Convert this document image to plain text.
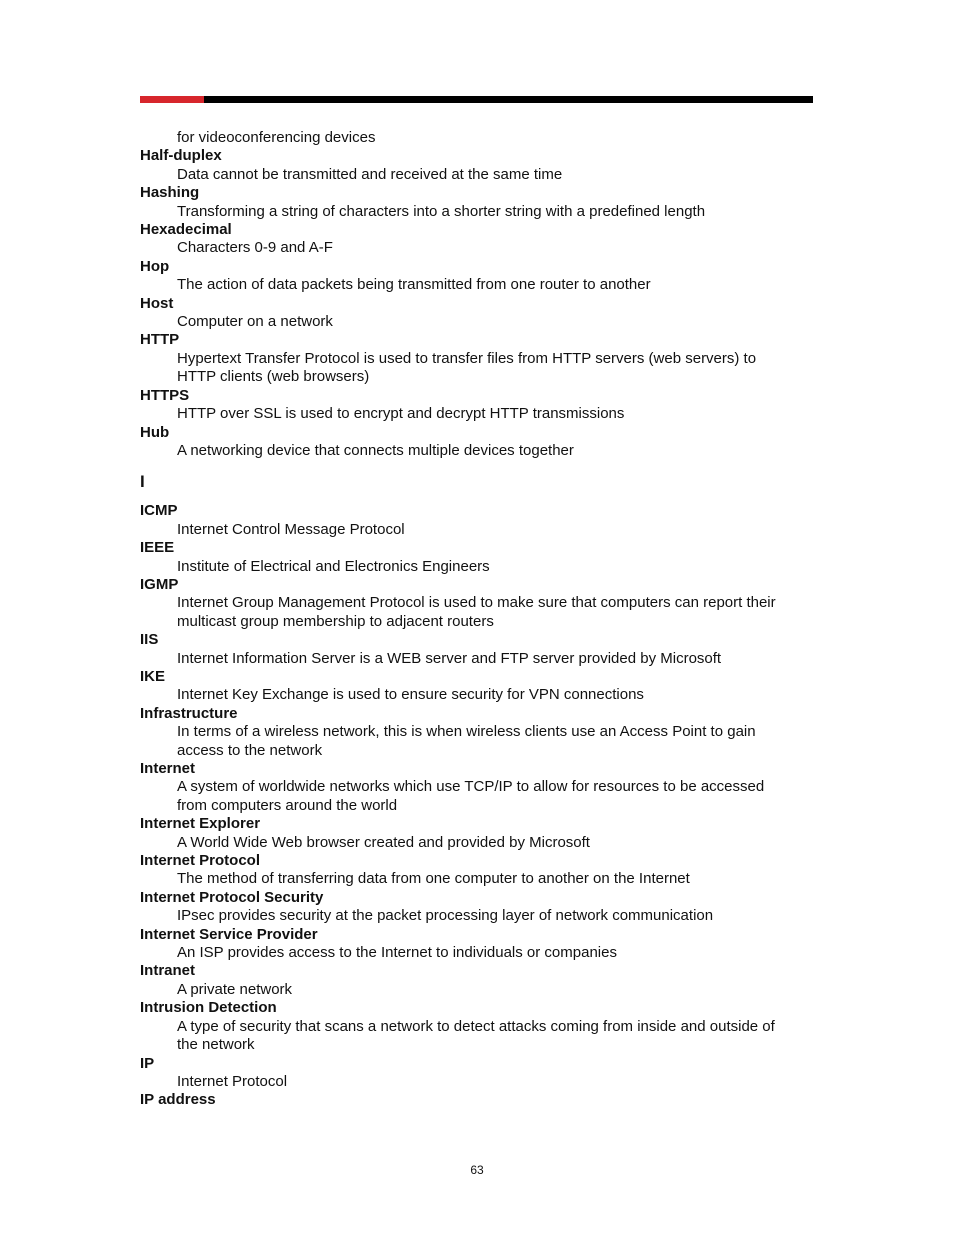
for videoconferencing devices

Half-duplex

Data cannot be transmitted and received at the same time

Hashing

Transforming a string of characters into a shorter string with a predefined length

Hexadecimal

Characters 0-9 and A-F

Hop

The action of data packets being transmitted from one router to another

Host

Computer on a network

HTTP

Hypertext Transfer Protocol is used to transfer files from HTTP servers (web servers) to

HTTP clients (web browsers)

HTTPS

HTTP over SSL is used to encrypt and decrypt HTTP transmissions

Hub

A networking device that connects multiple devices together

I

ICMP

Internet Control Message Protocol

IEEE

Institute of Electrical and Electronics Engineers

IGMP

Internet Group Management Protocol is used to make sure that computers can report their

multicast group membership to adjacent routers

IIS

Internet Information Server is a WEB server and FTP server provided by Microsoft

IKE

Internet Key Exchange is used to ensure security for VPN connections

Infrastructure

In terms of a wireless network, this is when wireless clients use an Access Point to gain

access to the network

Internet

A system of worldwide networks which use TCP/IP to allow for resources to be accessed

from computers around the world

Internet Explorer

A World Wide Web browser created and provided by Microsoft

Internet Protocol

The method of transferring data from one computer to another on the Internet

Internet Protocol Security

IPsec provides security at the packet processing layer of network communication

Internet Service Provider

An ISP provides access to the Internet to individuals or companies

Intranet

A private network

Intrusion Detection

A type of security that scans a network to detect attacks coming from inside and outside of

the network

IP

Internet Protocol

IP address

63
